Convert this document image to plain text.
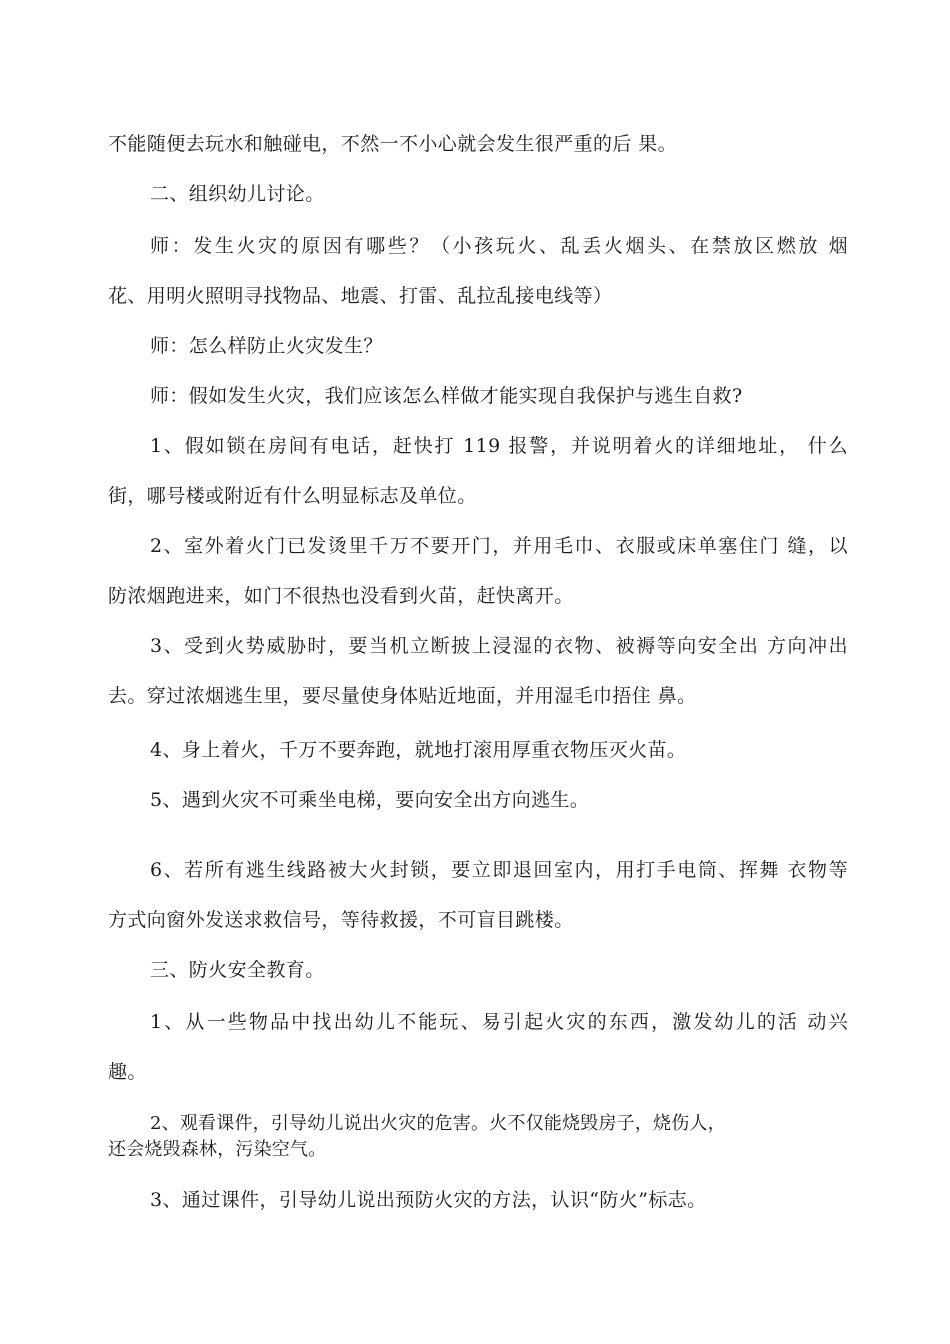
不能随便去玩水和触碰电，不然一不小心就会发生很严重的后 果。
二、组织幼儿讨论。
师：发生火灾的原因有哪些？（小孩玩火、乱丢火烟头、在禁放区燃放 烟
花、用明火照明寻找物品、地震、打雷、乱拉乱接电线等）
师：怎么样防止火灾发生？
师：假如发生火灾，我们应该怎么样做才能实现自我保护与逃生自救?
1、假如锁在房间有电话，赶快打 119 报警，并说明着火的详细地址， 什么
街，哪号楼或附近有什么明显标志及单位。
2、室外着火门已发烫里千万不要开门，并用毛巾、衣服或床单塞住门 缝，以
防浓烟跑进来，如门不很热也没看到火苗，赶快离开。
3、受到火势威胁时，要当机立断披上浸湿的衣物、被褥等向安全出 方向冲出
去。穿过浓烟逃生里，要尽量使身体贴近地面，并用湿毛巾捂住 鼻。
4、身上着火，千万不要奔跑，就地打滚用厚重衣物压灭火苗。
5、遇到火灾不可乘坐电梯，要向安全出方向逃生。
6、若所有逃生线路被大火封锁，要立即退回室内，用打手电筒、挥舞 衣物等
方式向窗外发送求救信号，等待救援，不可盲目跳楼。
三、防火安全教育。
1、从一些物品中找出幼儿不能玩、易引起火灾的东西，激发幼儿的活 动兴
趣。
2、观看课件，引导幼儿说出火灾的危害。火不仅能烧毁房子，烧伤人，
还会烧毁森林，污染空气。
3、通过课件，引导幼儿说出预防火灾的方法，认识“防火”标志。
